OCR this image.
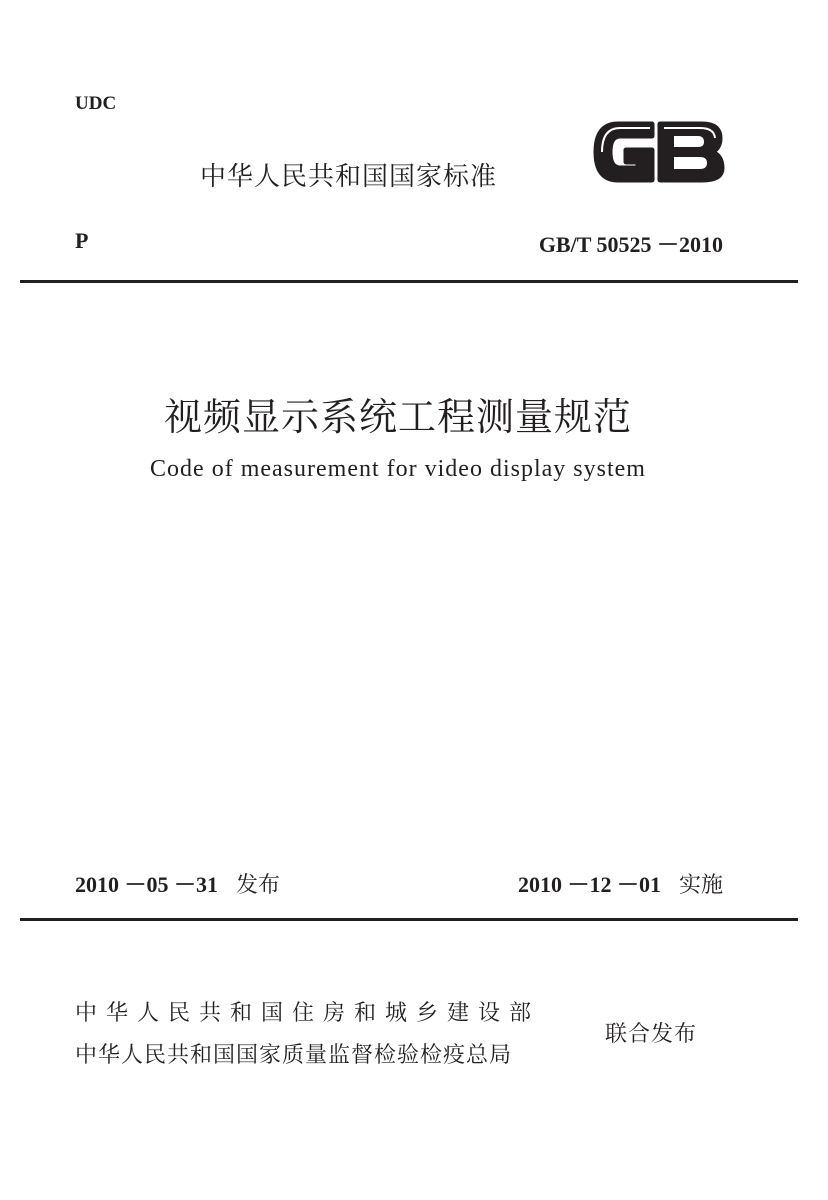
UDC
中华人民共和国国家标准
P	GB/T 50525 －2010
视频显示系统工程测量规范
Code of measurement for video display system
2010 －05 －31 发布	2010 －12 －01 实施
中华人民共和国住房和城乡建设部
中华人民共和国国家质量监督检验检疫总局
联合发布
